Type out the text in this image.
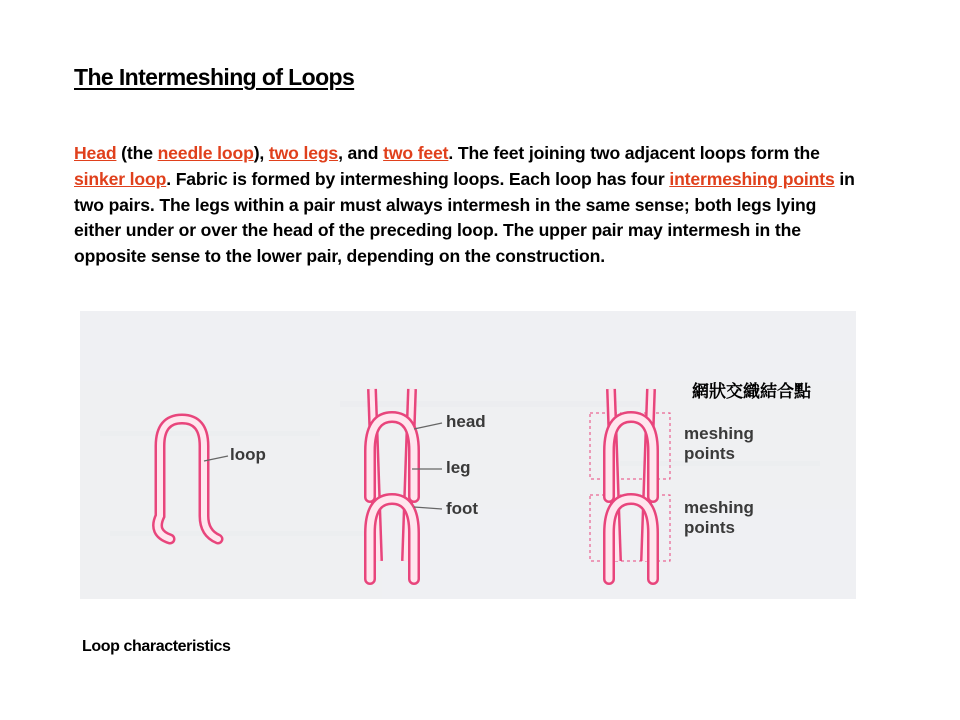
The Intermeshing of Loops
Head (the needle loop), two legs, and two feet. The feet joining two adjacent loops form the sinker loop. Fabric is formed by intermeshing loops. Each loop has four intermeshing points in two pairs. The legs within a pair must always intermesh in the same sense; both legs lying either under or over the head of the preceding loop. The upper pair may intermesh in the opposite sense to the lower pair, depending on the construction.
loop
head
leg
foot
meshing
points
meshing
points
網狀交織結合點
Loop characteristics
